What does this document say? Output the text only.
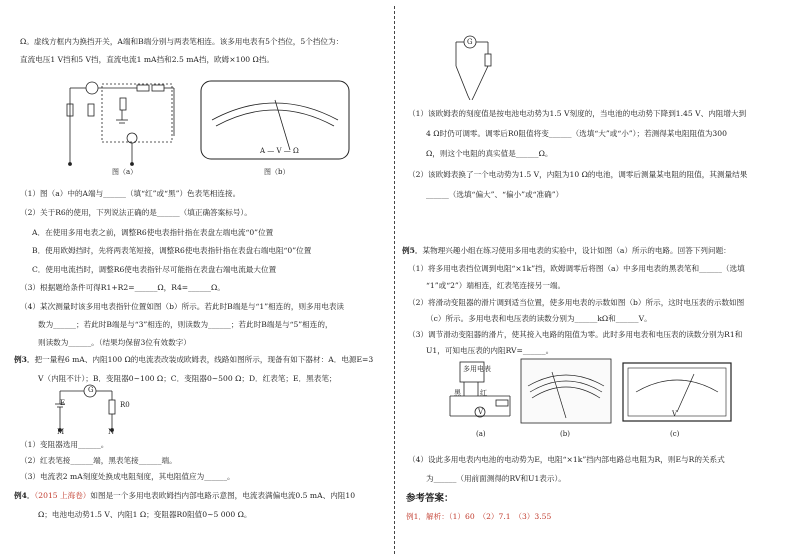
Ω。虚线方框内为换挡开关，A端和B端分别与两表笔相连。该多用电表有5个挡位，5个挡位为：
直流电压1 V挡和5 V挡，直流电流1 mA挡和2.5 mA挡，欧姆×100 Ω挡。
图（a）
A — V — Ω
图（b）
（1）图（a）中的A端与______（填“红”或“黑”）色表笔相连接。
（2）关于R6的使用，下列说法正确的是______（填正确答案标号）。
A．在使用多用电表之前，调整R6使电表指针指在表盘左端电流“0”位置
B．使用欧姆挡时，先将两表笔短接，调整R6使电表指针指在表盘右端电阻“0”位置
C．使用电流挡时，调整R6使电表指针尽可能指在表盘右端电流最大位置
（3）根据题给条件可得R1+R2=______Ω，R4=______Ω。
（4）某次测量时该多用电表指针位置如图（b）所示。若此时B端是与“1”相连的，则多用电表读
数为______；若此时B端是与“3”相连的，则读数为______；若此时B端是与“5”相连的，
则读数为______。（结果均保留3位有效数字）
例3．把一量程6 mA、内阻100 Ω的电流表改装成欧姆表，线路如图所示，现备有如下器材：A．电源E=3
V（内阻不计）；B．变阻器0~100 Ω；C．变阻器0~500 Ω；D．红表笔；E．黑表笔；
E
G
R0
M	N
（1）变阻器选用______。
（2）红表笔接______端，黑表笔接______端。
（3）电流表2 mA刻度处换成电阻刻度，其电阻值应为______。
例4．（2015 上海卷）如图是一个多用电表欧姆挡内部电路示意图，电流表满偏电流0.5 mA、内阻10
Ω；电池电动势1.5 V、内阻1 Ω；变阻器R0阻值0~5 000 Ω。
G
（1）该欧姆表的刻度值是按电池电动势为1.5 V刻度的，当电池的电动势下降到1.45 V、内阻增大到
4 Ω时仍可调零。调零后R0阻值将变______（选填“大”或“小”）；若测得某电阻阻值为300
Ω，则这个电阻的真实值是______Ω。
（2）该欧姆表换了一个电动势为1.5 V，内阻为10 Ω的电池，调零后测量某电阻的阻值，其测量结果
______（选填“偏大”、“偏小”或“准确”）
例5．某物理兴趣小组在练习使用多用电表的实验中，设计如图（a）所示的电路。回答下列问题：
（1）将多用电表挡位调到电阻“×1k”挡，欧姆调零后将图（a）中多用电表的黑表笔和______（选填
“1”或“2”）端相连，红表笔连接另一端。
（2）将滑动变阻器的滑片调到适当位置，使多用电表的示数如图（b）所示，这时电压表的示数如图
（c）所示。多用电表和电压表的读数分别为______kΩ和______V。
（3）调节滑动变阻器的滑片，使其接入电路的阻值为零。此时多用电表和电压表的读数分别为R1和
U1，可知电压表的内阻RV=______。
多用电表
黑	红
V
(a)	(b)
V
(c)
（4）设此多用电表内电池的电动势为E，电阻“×1k”挡内部电路总电阻为R，则E与R的关系式
为______（用前面测得的RV和U1表示）。
参考答案：
例1．解析：（1）60　（2）7.1　（3）3.55
